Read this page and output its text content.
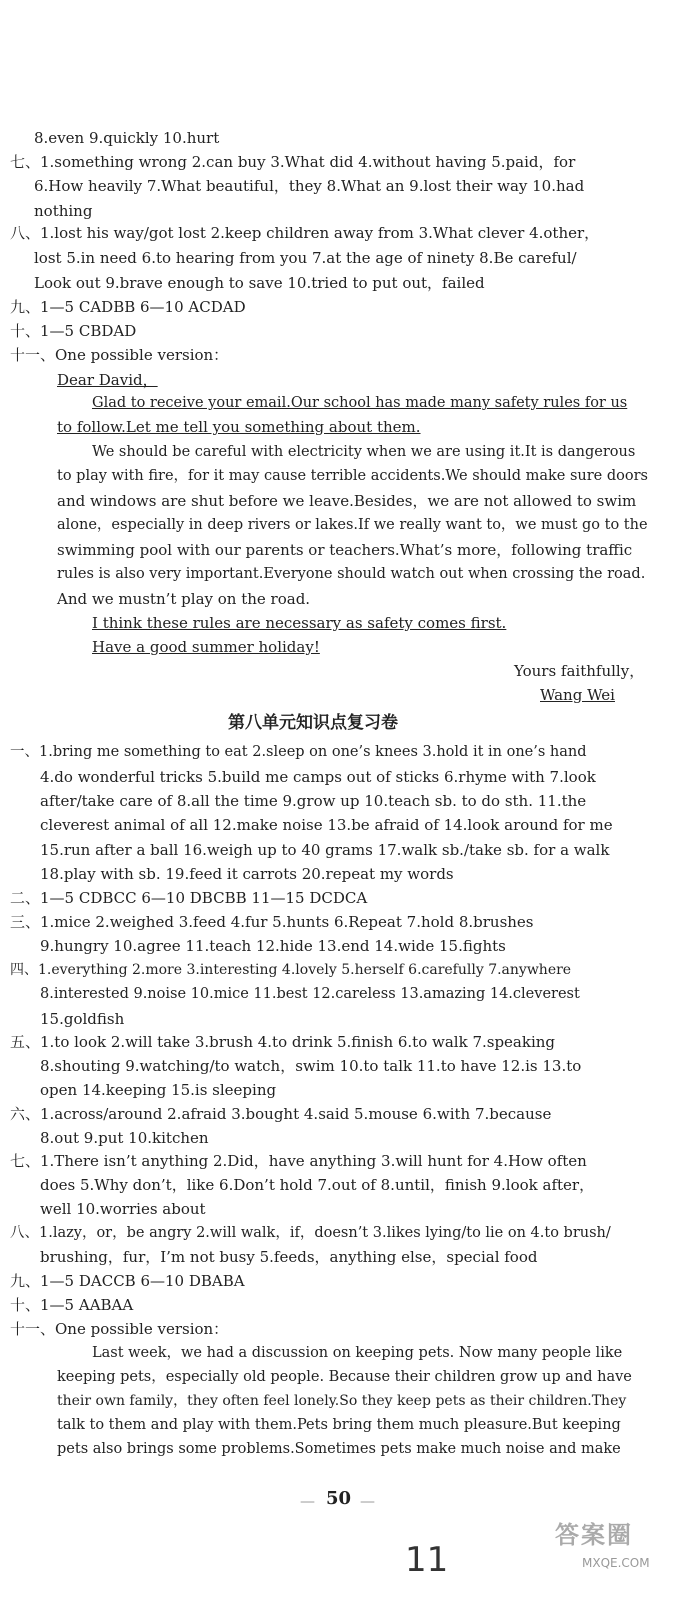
8.even 9.quickly 10.hurt
七、1.something wrong 2.can buy 3.What did 4.without having 5.paid，for
6.How heavily 7.What beautiful，they 8.What an 9.lost their way 10.had
nothing
八、1.lost his way/got lost 2.keep children away from 3.What clever 4.other，
lost 5.in need 6.to hearing from you 7.at the age of ninety 8.Be careful/
Look out 9.brave enough to save 10.tried to put out，failed
九、1—5 CADBB 6—10 ACDAD
十、1—5 CBDAD
十一、One possible version：
Dear David，
Glad to receive your email.Our school has made many safety rules for us
to follow.Let me tell you something about them.
We should be careful with electricity when we are using it.It is dangerous
to play with fire，for it may cause terrible accidents.We should make sure doors
and windows are shut before we leave.Besides，we are not allowed to swim
alone，especially in deep rivers or lakes.If we really want to，we must go to the
swimming pool with our parents or teachers.What’s more，following traffic
rules is also very important.Everyone should watch out when crossing the road.
And we mustn’t play on the road.
I think these rules are necessary as safety comes first.
Have a good summer holiday!
Yours faithfully，
Wang Wei
第八单元知识点复习卷
一、1.bring me something to eat 2.sleep on one’s knees 3.hold it in one’s hand
4.do wonderful tricks 5.build me camps out of sticks 6.rhyme with 7.look
after/take care of 8.all the time 9.grow up 10.teach sb. to do sth. 11.the
cleverest animal of all 12.make noise 13.be afraid of 14.look around for me
15.run after a ball 16.weigh up to 40 grams 17.walk sb./take sb. for a walk
18.play with sb. 19.feed it carrots 20.repeat my words
二、1—5 CDBCC 6—10 DBCBB 11—15 DCDCA
三、1.mice 2.weighed 3.feed 4.fur 5.hunts 6.Repeat 7.hold 8.brushes
9.hungry 10.agree 11.teach 12.hide 13.end 14.wide 15.fights
四、1.everything 2.more 3.interesting 4.lovely 5.herself 6.carefully 7.anywhere
8.interested 9.noise 10.mice 11.best 12.careless 13.amazing 14.cleverest
15.goldfish
五、1.to look 2.will take 3.brush 4.to drink 5.finish 6.to walk 7.speaking
8.shouting 9.watching/to watch，swim 10.to talk 11.to have 12.is 13.to
open 14.keeping 15.is sleeping
六、1.across/around 2.afraid 3.bought 4.said 5.mouse 6.with 7.because
8.out 9.put 10.kitchen
七、1.There isn’t anything 2.Did，have anything 3.will hunt for 4.How often
does 5.Why don’t，like 6.Don’t hold 7.out of 8.until，finish 9.look after，
well 10.worries about
八、1.lazy，or，be angry 2.will walk，if，doesn’t 3.likes lying/to lie on 4.to brush/
brushing，fur，I’m not busy 5.feeds，anything else，special food
九、1—5 DACCB 6—10 DBABA
十、1—5 AABAA
十一、One possible version：
Last week，we had a discussion on keeping pets. Now many people like
keeping pets，especially old people. Because their children grow up and have
their own family，they often feel lonely.So they keep pets as their children.They
talk to them and play with them.Pets bring them much pleasure.But keeping
pets also brings some problems.Sometimes pets make much noise and make
— 50 —
11
答案圈
MXQE.COM
